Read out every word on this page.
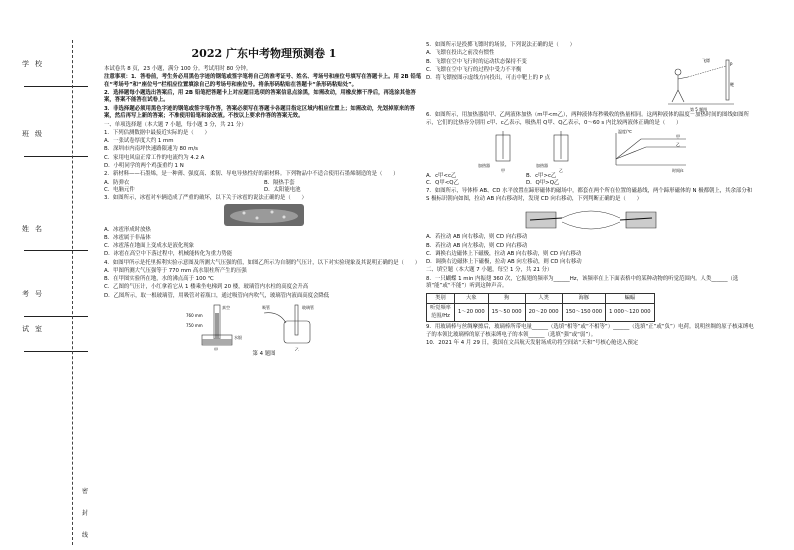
学校
班级
姓名
考号
试室
密
封
线
2022 广东中考物理预测卷 1

本试卷共 8 页，23 小题，满分 100 分。考试用时 80 分钟。

注意事项：1．答卷前，考生务必用黑色字迹的钢笔或签字笔将自己的准考证号、姓名、考场号和座位号填写在答题卡上。用 2B 铅笔在“考场号”和“座位号”栏相应位置填涂自己的考场号和座位号。将条形码粘贴在答题卡“条形码粘贴处”。

2．选择题每小题选出答案后，用 2B 铅笔把答题卡上对应题目选项的答案信息点涂黑，如需改动，用橡皮擦干净后，再选涂其他答案，答案不能答在试卷上。

3．非选择题必须用黑色字迹的钢笔或签字笔作答，答案必须写在答题卡各题目指定区域内相应位置上；如需改动，先划掉原来的答案，然后再写上新的答案；不准使用铅笔和涂改液。不按以上要求作答的答案无效。

一、单项选择题（本大题 7 小题，每小题 3 分，共 21 分）

1．下列估测数据中最接近实际的是（　　）

A．一张试卷厚度大约 1 mm

B．深圳市内南坪快速路限速为 80 m/s

C．家用电风扇正常工作的电流约为 4.2 A

D．小明同学的两个鸡蛋重约 1 N

2．新材料——石墨烯，是一种薄、强度高、柔韧、导电导热性好的新材料。下列物品中不适合使用石墨烯制造的是（　　）

A．防弹衣	B．隔热手套
C．电脑元件	D．太阳能电池

3．如图所示，冰雹对车辆造成了严重的破坏，以下关于冰雹的说法正确的是（　　）

A．冰雹形成时放热

B．冰雹属于非晶体

C．冰雹落在地面上变成水是液化现象

D．冰雹在高空中下落过程中，机械能转化为重力势能

4．如图甲所示是托里拆利实验示意图及所测大气压强的值，如图乙所示为自制的气压计，以下对实验现象及其说明正确的是（　　）

A．甲图所测大气压强等于 770 mm 高水银柱所产生的压强

B．在甲图实验所在地，水的沸点高于 100 ℃

C．乙图的气压计，小红拿着它从 1 楼乘坐电梯到 20 楼，玻璃管内水柱的高度会升高

D．乙图所示，取一根玻璃管，用吸管对着瓶口，通过吸管向内吹气，玻璃管内液面高度会降低

真空
760 mm
750 mm
水银
甲
吸管	玻璃管
乙

第 4 题图

5．如图所示是投掷飞镖时的场景，下列说法正确的是（　　）

A．飞镖在投出之前没有惯性

B．飞镖在空中飞行时的运动状态保持不变

C．飞镖在空中飞行的过程中受力不平衡

D．将飞镖按图示虚线方向投出，可击中靶上的 P 点

飞镖
P
靶
第 5 题图

6．如图所示，用加热器给甲、乙两液体加热（m甲<m乙），两种液体每秒吸收的热量相同。这两种液体的温度－加热时间的图线如图所示，它们的比热容分别用 c甲、c乙表示，吸热用 Q甲、Q乙表示，0～60 s 内比较两液体正确的是（　　）

加热器
甲
加热器
乙
温度/℃
甲
乙
时间/s
A．c甲<c乙	B．c甲>c乙
C．Q甲<Q乙	D．Q甲>Q乙

7．如图所示，导体棒 AB、CD 水平放置在蹄形磁体的磁场中，都套在两个所在位置的磁悬线，两个蹄形磁体的 N 极都朝上，其余部分和 S 极标识朝向如图，拉动 AB 向右移动时，发现 CD 向右移动，下列判断正确的是（　　）

A．若拉动 AB 向右移动，则 CD 向右移动

B．若拉动 AB 向左移动，则 CD 向右移动

C．调换右边磁体上下磁极，拉动 AB 向右移动，则 CD 向右移动

D．调换右边磁体上下磁极，拉动 AB 向左移动，则 CD 向右移动

二、填空题（本大题 7 小题，每空 1 分，共 21 分）

8．一只蝴蝶 1 min 内振翅 360 次，它振翅的频率为______Hz，该频率在上下面表格中的某种动物的听觉范围内。人类______（选填“能”或“不能”）听到这种声音。

类别	大象	狗	人类	海豚	蝙蝠
听觉频率范围/Hz	1～20 000	15～50 000	20～20 000	150～150 000	1 000～120 000

9．用玻璃棒与丝绸摩擦后，玻璃棒所带电量______（选填“相等”或“不相等”）______（选填“正”或“负”）电荷。说明丝绸的原子核束缚电子的本领比玻璃棒的原子核束缚电子的本领______（选填“强”或“弱”）。

10．2021 年 4 月 29 日，我国在文昌航天发射场成功将空间站“天和”号核心舱送入预定
